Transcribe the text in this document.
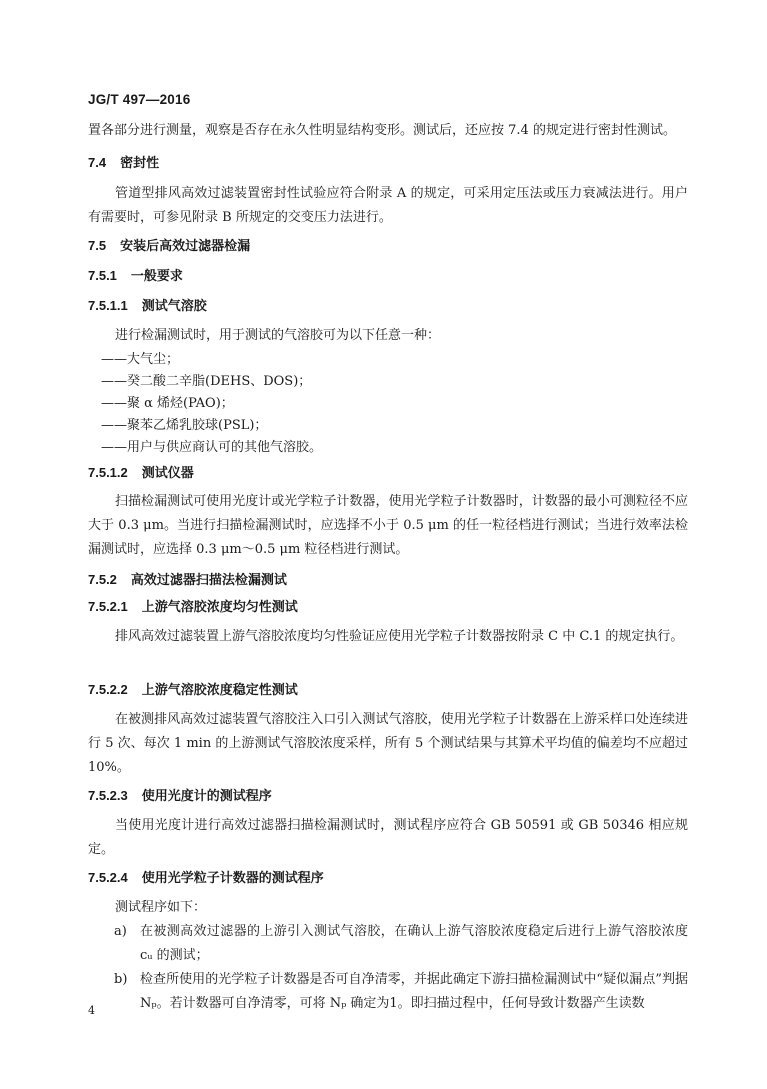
JG/T 497—2016
置各部分进行测量，观察是否存在永久性明显结构变形。测试后，还应按 7.4 的规定进行密封性测试。
7.4 密封性
管道型排风高效过滤装置密封性试验应符合附录 A 的规定，可采用定压法或压力衰减法进行。用户有需要时，可参见附录 B 所规定的交变压力法进行。
7.5 安装后高效过滤器检漏
7.5.1 一般要求
7.5.1.1 测试气溶胶
进行检漏测试时，用于测试的气溶胶可为以下任意一种：
——大气尘；
——癸二酸二辛脂(DEHS、DOS)；
——聚 α 烯烃(PAO)；
——聚苯乙烯乳胶球(PSL)；
——用户与供应商认可的其他气溶胶。
7.5.1.2 测试仪器
扫描检漏测试可使用光度计或光学粒子计数器，使用光学粒子计数器时，计数器的最小可测粒径不应大于 0.3 μm。当进行扫描检漏测试时，应选择不小于 0.5 μm 的任一粒径档进行测试；当进行效率法检漏测试时，应选择 0.3 μm～0.5 μm 粒径档进行测试。
7.5.2 高效过滤器扫描法检漏测试
7.5.2.1 上游气溶胶浓度均匀性测试
排风高效过滤装置上游气溶胶浓度均匀性验证应使用光学粒子计数器按附录 C 中 C.1 的规定执行。
7.5.2.2 上游气溶胶浓度稳定性测试
在被测排风高效过滤装置气溶胶注入口引入测试气溶胶，使用光学粒子计数器在上游采样口处连续进行 5 次、每次 1 min 的上游测试气溶胶浓度采样，所有 5 个测试结果与其算术平均值的偏差均不应超过 10%。
7.5.2.3 使用光度计的测试程序
当使用光度计进行高效过滤器扫描检漏测试时，测试程序应符合 GB 50591 或 GB 50346 相应规定。
7.5.2.4 使用光学粒子计数器的测试程序
测试程序如下：
a)	在被测高效过滤器的上游引入测试气溶胶，在确认上游气溶胶浓度稳定后进行上游气溶胶浓度 cᵤ 的测试；
b) 检查所使用的光学粒子计数器是否可自净清零，并据此确定下游扫描检漏测试中“疑似漏点”判据 Nₚ。若计数器可自净清零，可将 Nₚ 确定为1。即扫描过程中，任何导致计数器产生读数
4
